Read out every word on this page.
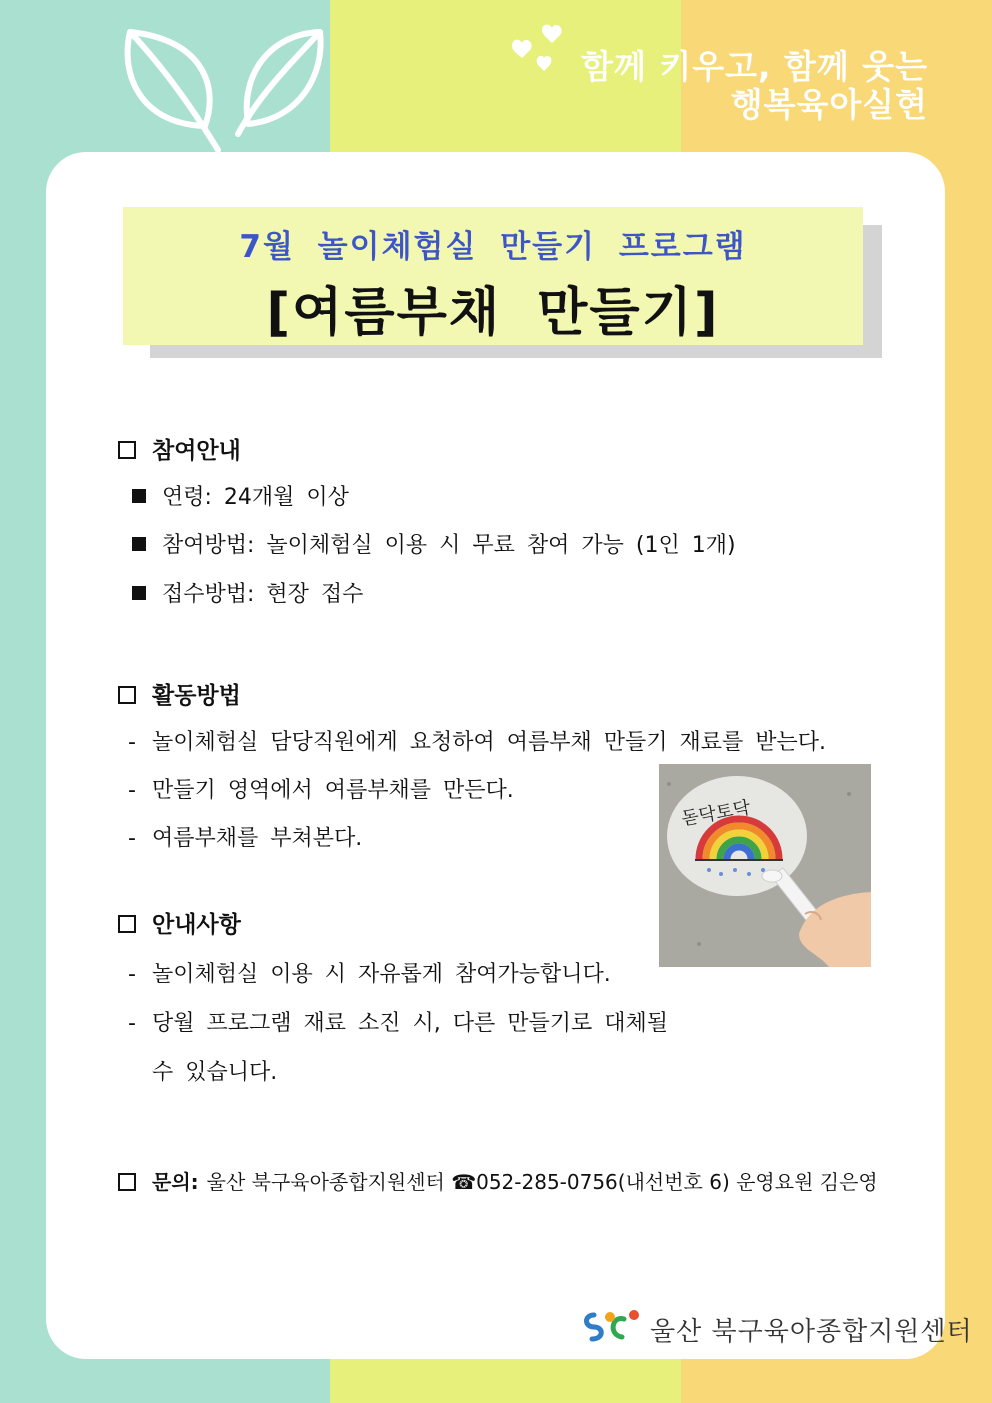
함께 키우고, 함께 웃는
행복육아실현
7월 놀이체험실 만들기 프로그램
[여름부채 만들기]
참여안내
연령: 24개월 이상
참여방법: 놀이체험실 이용 시 무료 참여 가능 (1인 1개)
접수방법: 현장 접수
활동방법
- 놀이체험실 담당직원에게 요청하여 여름부채 만들기 재료를 받는다.
- 만들기 영역에서 여름부채를 만든다.
- 여름부채를 부쳐본다.
안내사항
- 놀이체험실 이용 시 자유롭게 참여가능합니다.
- 당월 프로그램 재료 소진 시, 다른 만들기로 대체될
수 있습니다.
문의: 울산 북구육아종합지원센터 ☎052-285-0756(내선번호 6) 운영요원 김은영
돋닥토닥
울산 북구육아종합지원센터
